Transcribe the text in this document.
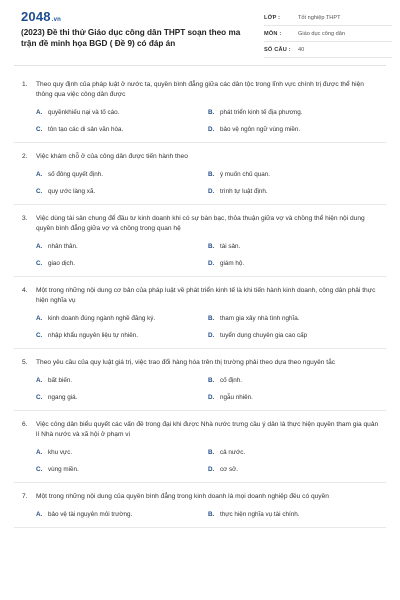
2048.vn
(2023) Đề thi thử Giáo dục công dân THPT soạn theo ma trận đề minh họa BGD ( Đề 9) có đáp án
LỚP :	Tốt nghiệp THPT
MÔN :	Giáo dục công dân
SỐ CÂU :	40
1.	Theo quy định của pháp luật ở nước ta, quyền bình đẳng giữa các dân tộc trong lĩnh vực chính trị được thể hiện thông qua việc công dân được
A. quyềnkhiếu nại và tố cáo.	B. phát triển kinh tế địa phương.
C. tôn tạo các di sản văn hóa.	D. bảo vệ ngôn ngữ vùng miền.
2.	Việc khám chỗ ở của công dân được tiến hành theo
A. số đông quyết định.	B. ý muốn chủ quan.
C. quy ước làng xã.	D. trình tự luật định.
3.	Việc dùng tài sản chung để đầu tư kinh doanh khi có sự bàn bạc, thỏa thuận giữa vợ và chồng thể hiện nội dung quyền bình đẳng giữa vợ và chồng trong quan hệ
A. nhân thân.	B. tài sản.
C. giao dịch.	D. giám hộ.
4.	Một trong những nội dung cơ bản của pháp luật về phát triển kinh tế là khi tiến hành kinh doanh, công dân phải thực hiện nghĩa vụ
A. kinh doanh đúng ngành nghề đăng ký.	B. tham gia xây nhà tình nghĩa.
C. nhập khẩu nguyên liệu tự nhiên.	D. tuyển dụng chuyên gia cao cấp
5.	Theo yêu cầu của quy luật giá trị, việc trao đổi hàng hóa trên thị trường phải theo dựa theo nguyên tắc
A. bất biến.	B. cố định.
C. ngang giá.	D. ngẫu nhiên.
6.	Việc công dân biểu quyết các vấn đề trong đại khi được Nhà nước trưng cầu ý dân là thực hiện quyền tham gia quản lí Nhà nước và xã hội ở phạm vi
A. khu vực.	B. cả nước.
C. vùng miền.	D. cơ sở.
7.	Một trong những nội dung của quyền bình đẳng trong kinh doanh là mọi doanh nghiệp đều có quyền
A. bảo vệ tài nguyên môi trường.	B. thực hiện nghĩa vụ tài chính.
